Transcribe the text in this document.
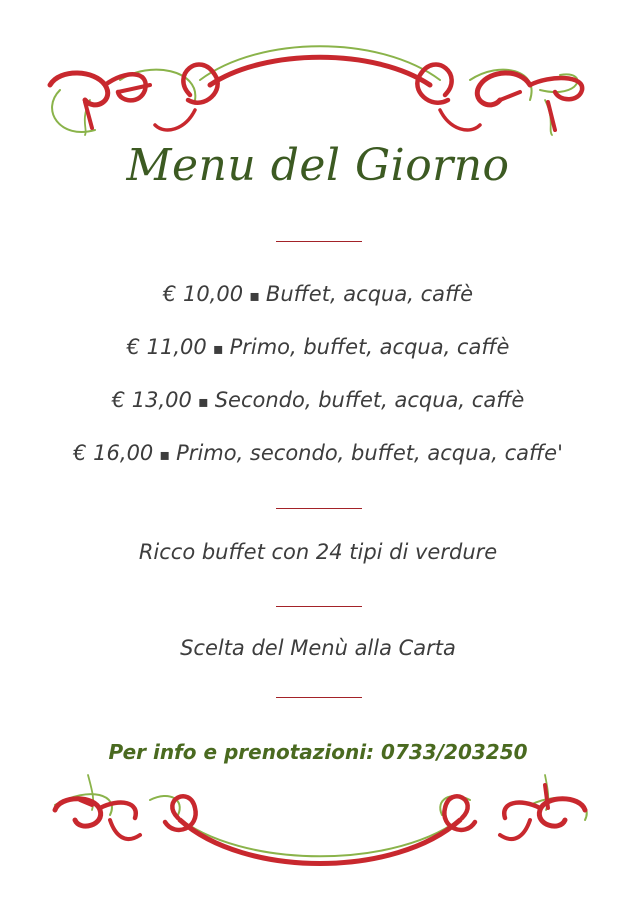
Menu del Giorno
€ 10,00 ▪ Buffet, acqua, caffè
€ 11,00 ▪ Primo, buffet, acqua, caffè
€ 13,00 ▪ Secondo, buffet, acqua, caffè
€ 16,00 ▪ Primo, secondo, buffet, acqua, caffe'
Ricco buffet con 24 tipi di verdure
Scelta del Menù alla Carta
Per info e prenotazioni: 0733/203250
